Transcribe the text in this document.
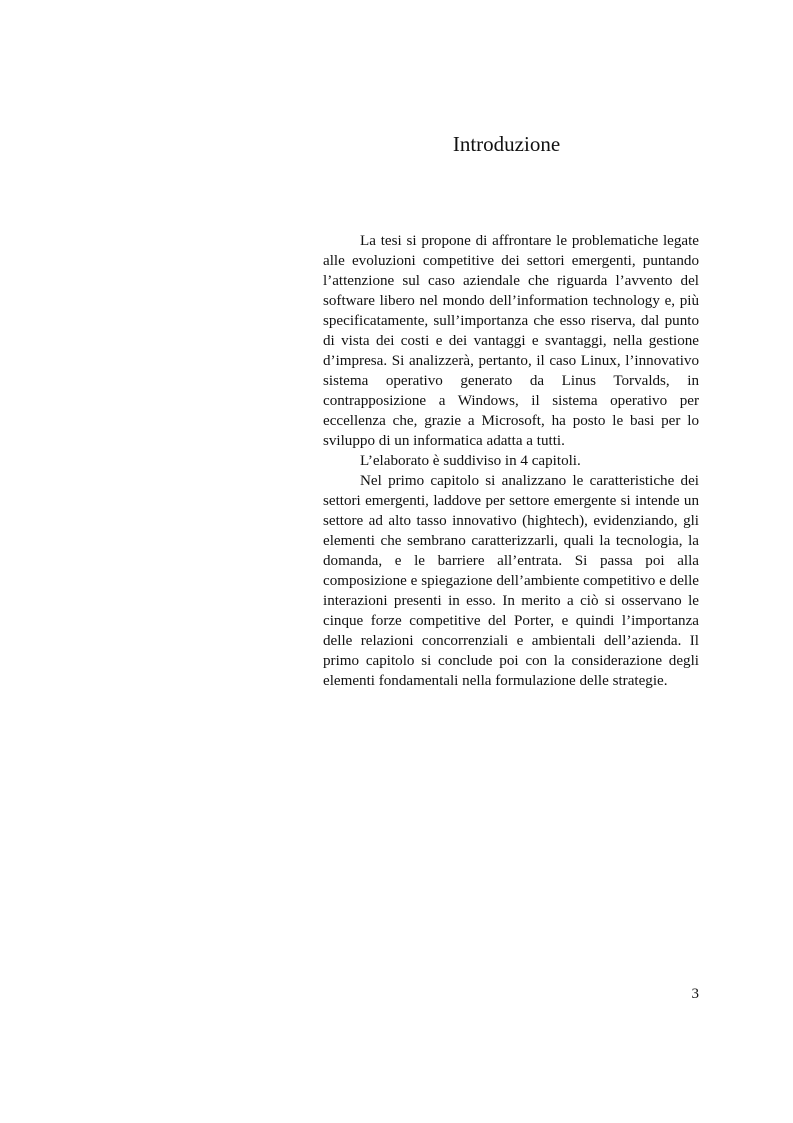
Introduzione

La tesi si propone di affrontare le problematiche legate alle evoluzioni competitive dei settori emergenti, puntando l’attenzione sul caso aziendale che riguarda l’avvento del software libero nel mondo dell’information technology e, più specificatamente, sull’importanza che esso riserva, dal punto di vista dei costi e dei vantaggi e svantaggi, nella gestione d’impresa. Si analizzerà, pertanto, il caso Linux, l’innovativo sistema operativo generato da Linus Torvalds, in contrapposizione a Windows, il sistema operativo per eccellenza che, grazie a Microsoft, ha posto le basi per lo sviluppo di un informatica adatta a tutti.

L’elaborato è suddiviso in 4 capitoli.

Nel primo capitolo si analizzano le caratteristiche dei settori emergenti, laddove per settore emergente si intende un settore ad alto tasso innovativo (hightech), evidenziando, gli elementi che sembrano caratterizzarli, quali la tecnologia, la domanda, e le barriere all’entrata. Si passa poi alla composizione e spiegazione dell’ambiente competitivo e delle interazioni presenti in esso. In merito a ciò si osservano le cinque forze competitive del Porter, e quindi l’importanza delle relazioni concorrenziali e ambientali dell’azienda. Il primo capitolo si conclude poi con la considerazione degli elementi fondamentali nella formulazione delle strategie.

3
